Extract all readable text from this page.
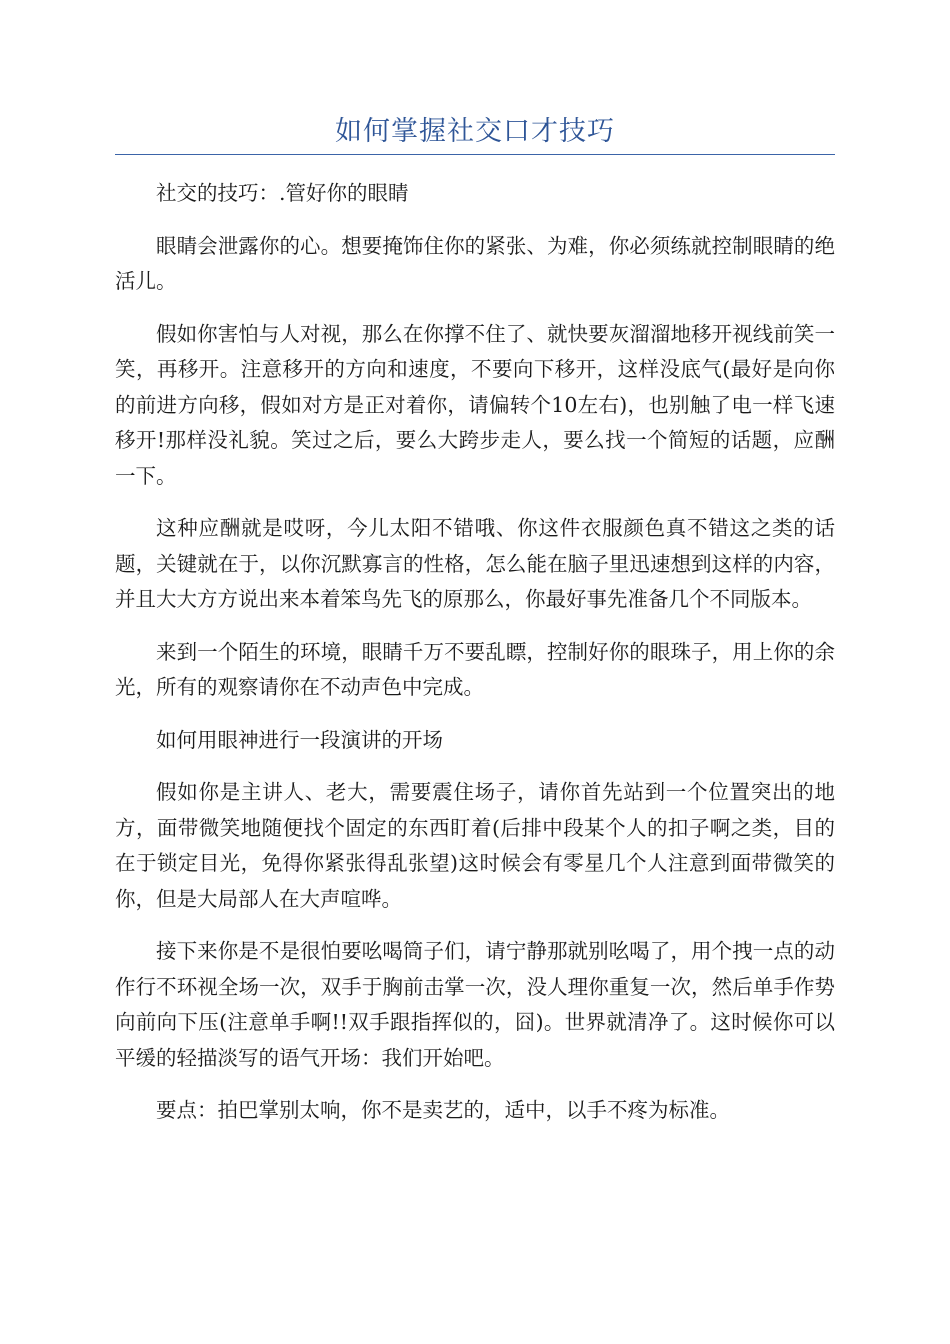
如何掌握社交口才技巧

社交的技巧：.管好你的眼睛

眼睛会泄露你的心。想要掩饰住你的紧张、为难，你必须练就控制眼睛的绝活儿。

假如你害怕与人对视，那么在你撑不住了、就快要灰溜溜地移开视线前笑一笑，再移开。注意移开的方向和速度，不要向下移开，这样没底气(最好是向你的前进方向移，假如对方是正对着你，请偏转个10左右)，也别触了电一样飞速移开!那样没礼貌。笑过之后，要么大跨步走人，要么找一个简短的话题，应酬一下。

这种应酬就是哎呀，今儿太阳不错哦、你这件衣服颜色真不错这之类的话题，关键就在于，以你沉默寡言的性格，怎么能在脑子里迅速想到这样的内容，并且大大方方说出来本着笨鸟先飞的原那么，你最好事先准备几个不同版本。

来到一个陌生的环境，眼睛千万不要乱瞟，控制好你的眼珠子，用上你的余光，所有的观察请你在不动声色中完成。

如何用眼神进行一段演讲的开场

假如你是主讲人、老大，需要震住场子，请你首先站到一个位置突出的地方，面带微笑地随便找个固定的东西盯着(后排中段某个人的扣子啊之类，目的在于锁定目光，免得你紧张得乱张望)这时候会有零星几个人注意到面带微笑的你，但是大局部人在大声喧哗。

接下来你是不是很怕要吆喝筒子们，请宁静那就别吆喝了，用个拽一点的动作行不环视全场一次，双手于胸前击掌一次，没人理你重复一次，然后单手作势向前向下压(注意单手啊!!双手跟指挥似的，囧)。世界就清净了。这时候你可以平缓的轻描淡写的语气开场：我们开始吧。

要点：拍巴掌别太响，你不是卖艺的，适中，以手不疼为标准。
